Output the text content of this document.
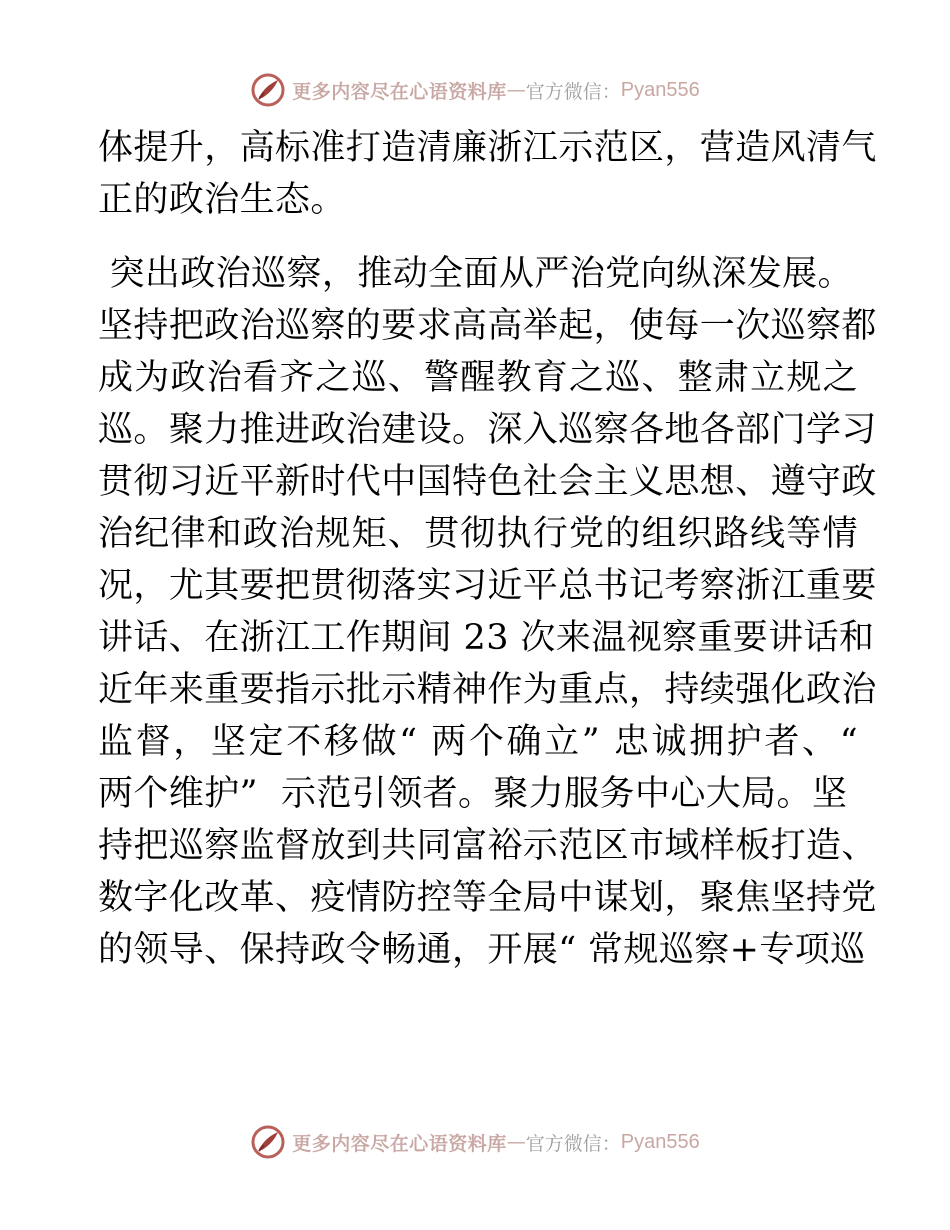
更多内容尽在心语资料库 — 官方微信： Pyan556
体提升，高标准打造清廉浙江示范区，营造风清气
正的政治生态。
突出政治巡察，推动全面从严治党向纵深发展。
坚持把政治巡察的要求高高举起，使每一次巡察都
成为政治看齐之巡、警醒教育之巡、整肃立规之
巡。聚力推进政治建设。深入巡察各地各部门学习
贯彻习近平新时代中国特色社会主义思想、遵守政
治纪律和政治规矩、贯彻执行党的组织路线等情
况，尤其要把贯彻落实习近平总书记考察浙江重要
讲话、在浙江工作期间 23 次来温视察重要讲话和
近年来重要指示批示精神作为重点，持续强化政治
监督，坚定不移做“ 两个确立” 忠诚拥护者、“
两个维护”  示范引领者。聚力服务中心大局。坚
持把巡察监督放到共同富裕示范区市域样板打造、
数字化改革、疫情防控等全局中谋划，聚焦坚持党
的领导、保持政令畅通，开展“ 常规巡察+专项巡
更多内容尽在心语资料库 — 官方微信： Pyan556
